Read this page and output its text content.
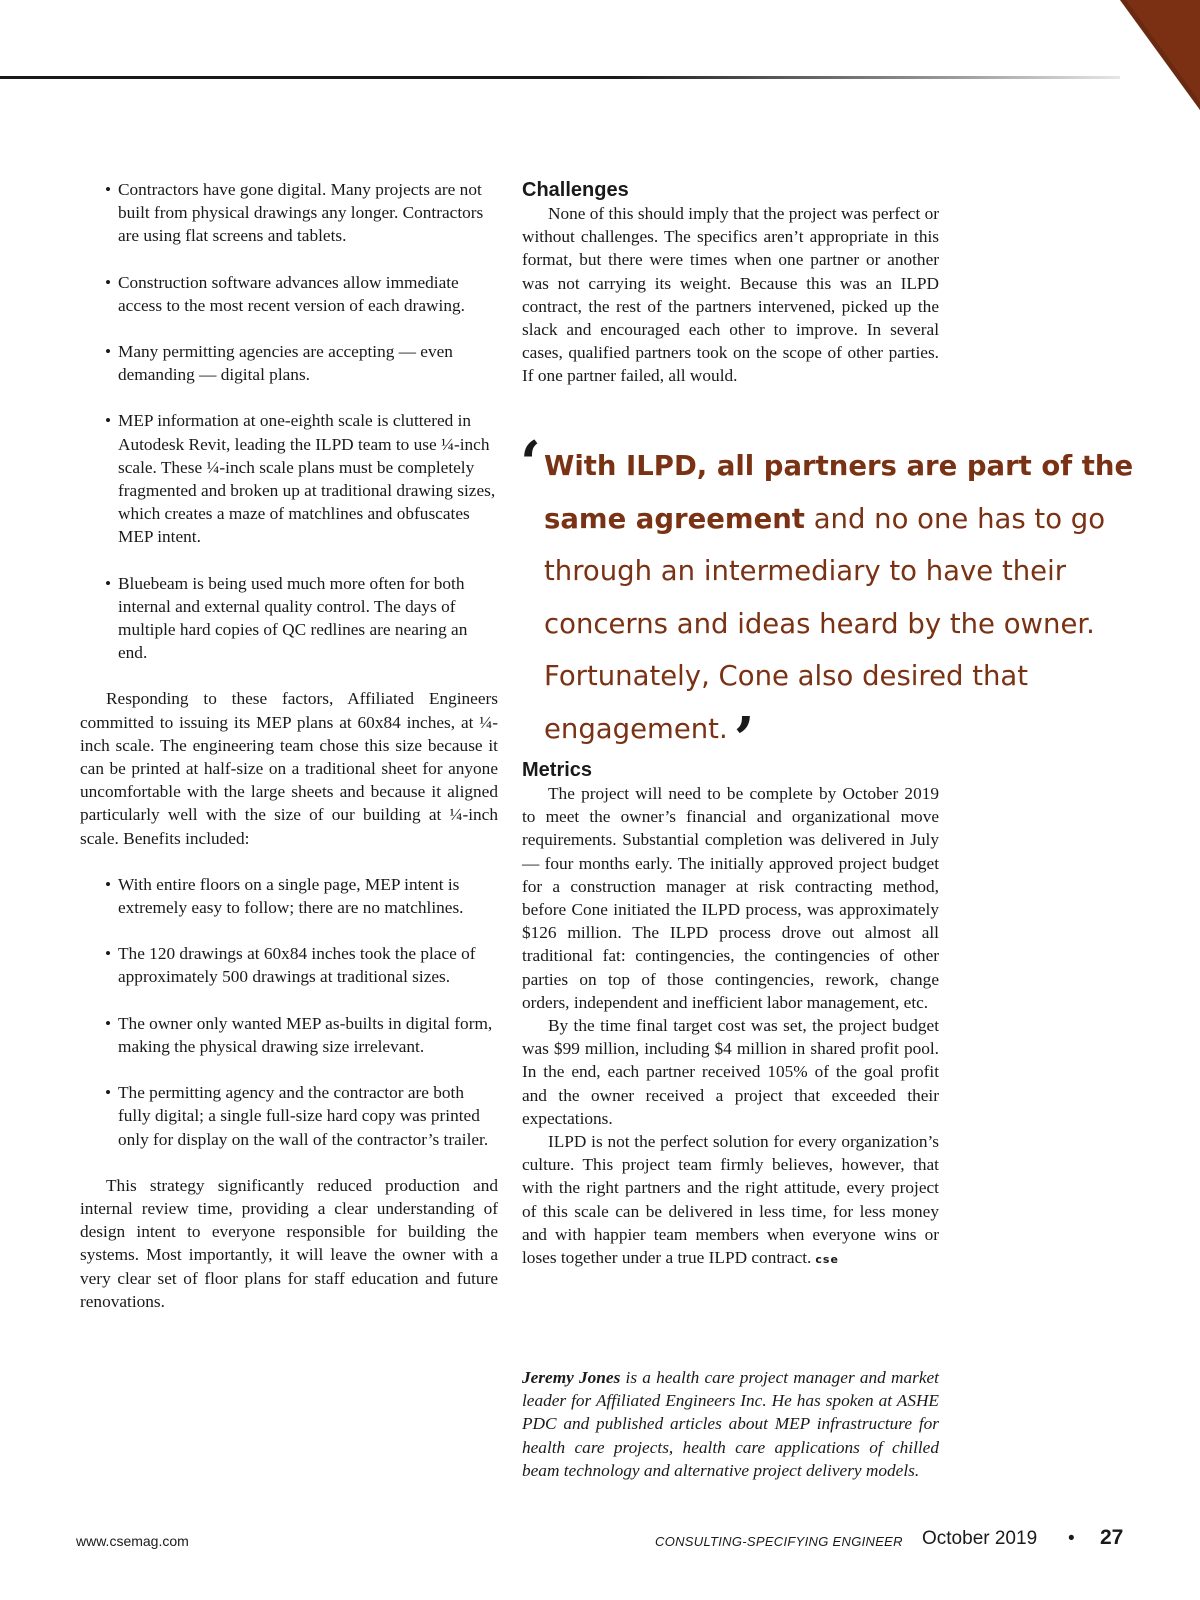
• Contractors have gone digital. Many projects are not built from physical drawings any longer. Contractors are using flat screens and tablets.
• Construction software advances allow immediate access to the most recent version of each drawing.
• Many permitting agencies are accepting — even demanding — digital plans.
• MEP information at one-eighth scale is cluttered in Autodesk Revit, leading the ILPD team to use ¼-inch scale. These ¼-inch scale plans must be completely fragmented and broken up at traditional drawing sizes, which creates a maze of matchlines and obfuscates MEP intent.
• Bluebeam is being used much more often for both internal and external quality control. The days of multiple hard copies of QC redlines are nearing an end.

Responding to these factors, Affiliated Engineers committed to issuing its MEP plans at 60x84 inches, at ¼-inch scale. The engineering team chose this size because it can be printed at half-size on a traditional sheet for anyone uncomfortable with the large sheets and because it aligned particularly well with the size of our building at ¼-inch scale. Benefits included:

• With entire floors on a single page, MEP intent is extremely easy to follow; there are no matchlines.
• The 120 drawings at 60x84 inches took the place of approximately 500 drawings at traditional sizes.
• The owner only wanted MEP as-builts in digital form, making the physical drawing size irrelevant.
• The permitting agency and the contractor are both fully digital; a single full-size hard copy was printed only for display on the wall of the contractor’s trailer.

This strategy significantly reduced production and internal review time, providing a clear understanding of design intent to everyone responsible for building the systems. Most importantly, it will leave the owner with a very clear set of floor plans for staff education and future renovations.

Challenges

None of this should imply that the project was perfect or without challenges. The specifics aren’t appropriate in this format, but there were times when one partner or another was not carrying its weight. Because this was an ILPD contract, the rest of the partners intervened, picked up the slack and encouraged each other to improve. In several cases, qualified partners took on the scope of other parties. If one partner failed, all would.

‘ With ILPD, all partners are part of the same agreement and no one has to go through an intermediary to have their concerns and ideas heard by the owner. Fortunately, Cone also desired that engagement. ’
Metrics

The project will need to be complete by October 2019 to meet the owner’s financial and organizational move requirements. Substantial completion was delivered in July — four months early. The initially approved project budget for a construction manager at risk contracting method, before Cone initiated the ILPD process, was approximately $126 million. The ILPD process drove out almost all traditional fat: contingencies, the contingencies of other parties on top of those contingencies, rework, change orders, independent and inefficient labor management, etc.

By the time final target cost was set, the project budget was $99 million, including $4 million in shared profit pool. In the end, each partner received 105% of the goal profit and the owner received a project that exceeded their expectations.

ILPD is not the perfect solution for every organization’s culture. This project team firmly believes, however, that with the right partners and the right attitude, every project of this scale can be delivered in less time, for less money and with happier team members when everyone wins or loses together under a true ILPD contract. cse

Jeremy Jones is a health care project manager and market leader for Affiliated Engineers Inc. He has spoken at ASHE PDC and published articles about MEP infrastructure for health care projects, health care applications of chilled beam technology and alternative project delivery models.
www.csemag.com	CONSULTING-SPECIFYING ENGINEER October 2019 • 27
